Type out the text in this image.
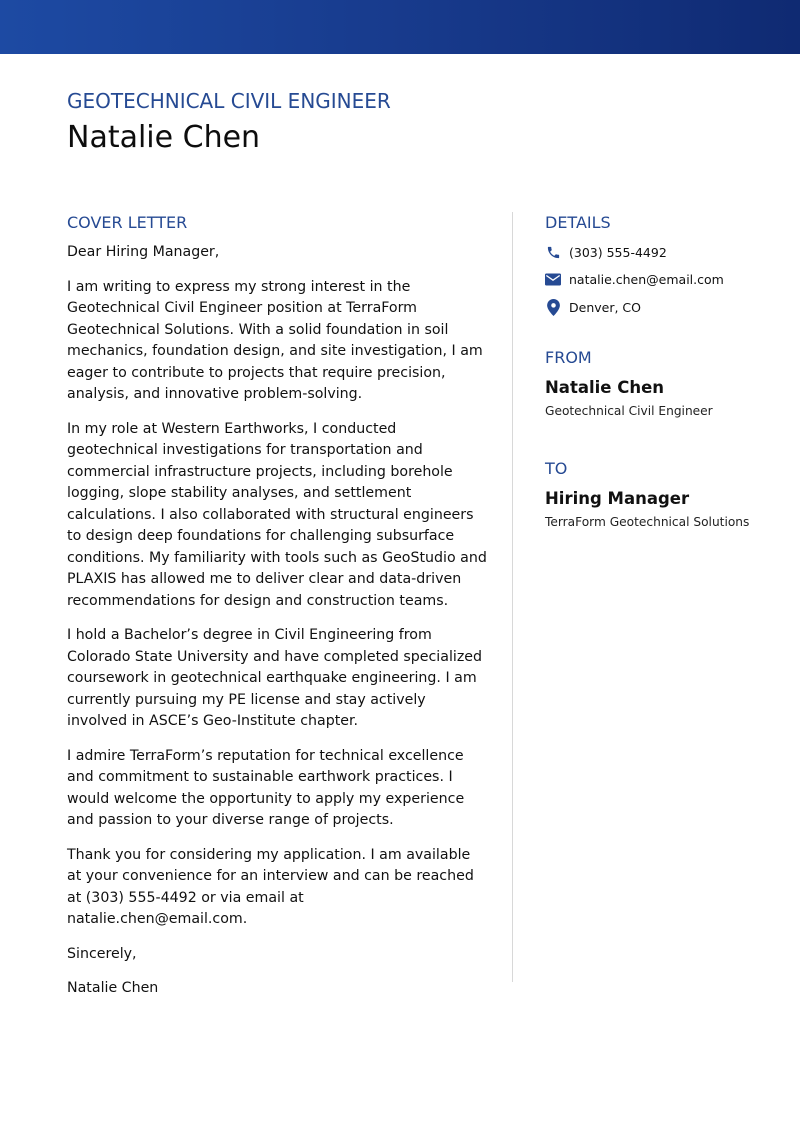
GEOTECHNICAL CIVIL ENGINEER
Natalie Chen
COVER LETTER

Dear Hiring Manager,

I am writing to express my strong interest in the Geotechnical Civil Engineer position at TerraForm Geotechnical Solutions. With a solid foundation in soil mechanics, foundation design, and site investigation, I am eager to contribute to projects that require precision, analysis, and innovative problem-solving.

In my role at Western Earthworks, I conducted geotechnical investigations for transportation and commercial infrastructure projects, including borehole logging, slope stability analyses, and settlement calculations. I also collaborated with structural engineers to design deep foundations for challenging subsurface conditions. My familiarity with tools such as GeoStudio and PLAXIS has allowed me to deliver clear and data-driven recommendations for design and construction teams.

I hold a Bachelor’s degree in Civil Engineering from Colorado State University and have completed specialized coursework in geotechnical earthquake engineering. I am currently pursuing my PE license and stay actively involved in ASCE’s Geo-Institute chapter.

I admire TerraForm’s reputation for technical excellence and commitment to sustainable earthwork practices. I would welcome the opportunity to apply my experience and passion to your diverse range of projects.

Thank you for considering my application. I am available at your convenience for an interview and can be reached at (303) 555-4492 or via email at natalie.chen@email.com.

Sincerely,

Natalie Chen

DETAILS
(303) 555-4492
natalie.chen@email.com
Denver, CO
FROM
Natalie Chen
Geotechnical Civil Engineer
TO
Hiring Manager
TerraForm Geotechnical Solutions
